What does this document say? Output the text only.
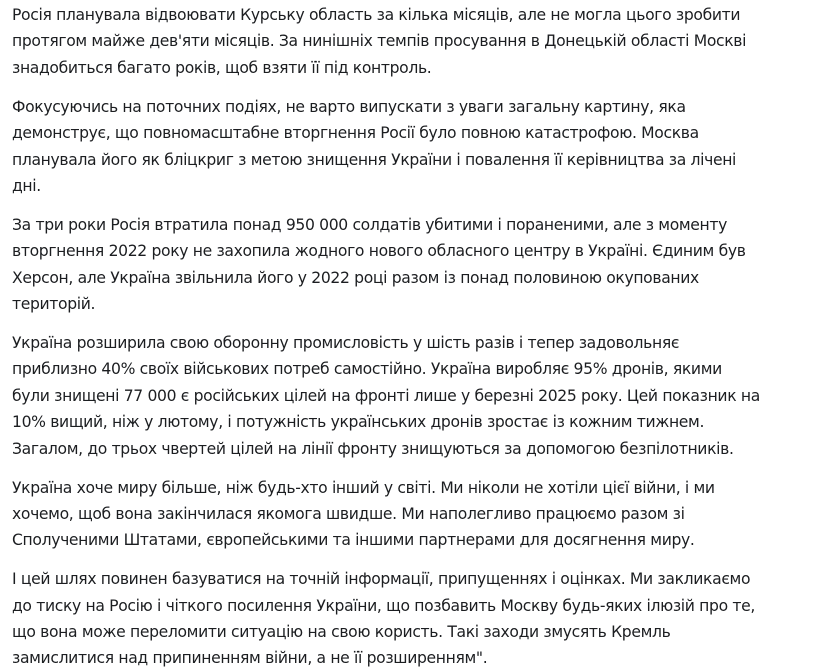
Росія планувала відвоювати Курську область за кілька місяців, але не могла цього зробити
протягом майже дев'яти місяців. За нинішніх темпів просування в Донецькій області Москві
знадобиться багато років, щоб взяти її під контроль.

Фокусуючись на поточних подіях, не варто випускати з уваги загальну картину, яка
демонструє, що повномасштабне вторгнення Росії було повною катастрофою. Москва
планувала його як бліцкриг з метою знищення України і повалення її керівництва за лічені
дні.

За три роки Росія втратила понад 950 000 солдатів убитими і пораненими, але з моменту
вторгнення 2022 року не захопила жодного нового обласного центру в Україні. Єдиним був
Херсон, але Україна звільнила його у 2022 році разом із понад половиною окупованих
територій.

Україна розширила свою оборонну промисловість у шість разів і тепер задовольняє
приблизно 40% своїх військових потреб самостійно. Україна виробляє 95% дронів, якими
були знищені 77 000 є російських цілей на фронті лише у березні 2025 року. Цей показник на
10% вищий, ніж у лютому, і потужність українських дронів зростає із кожним тижнем.
Загалом, до трьох чвертей цілей на лінії фронту знищуються за допомогою безпілотників.

Україна хоче миру більше, ніж будь-хто інший у світі. Ми ніколи не хотіли цієї війни, і ми
хочемо, щоб вона закінчилася якомога швидше. Ми наполегливо працюємо разом зі
Сполученими Штатами, європейськими та іншими партнерами для досягнення миру.

І цей шлях повинен базуватися на точній інформації, припущеннях і оцінках. Ми закликаємо
до тиску на Росію і чіткого посилення України, що позбавить Москву будь-яких ілюзій про те,
що вона може переломити ситуацію на свою користь. Такі заходи змусять Кремль
замислитися над припиненням війни, а не її розширенням".
